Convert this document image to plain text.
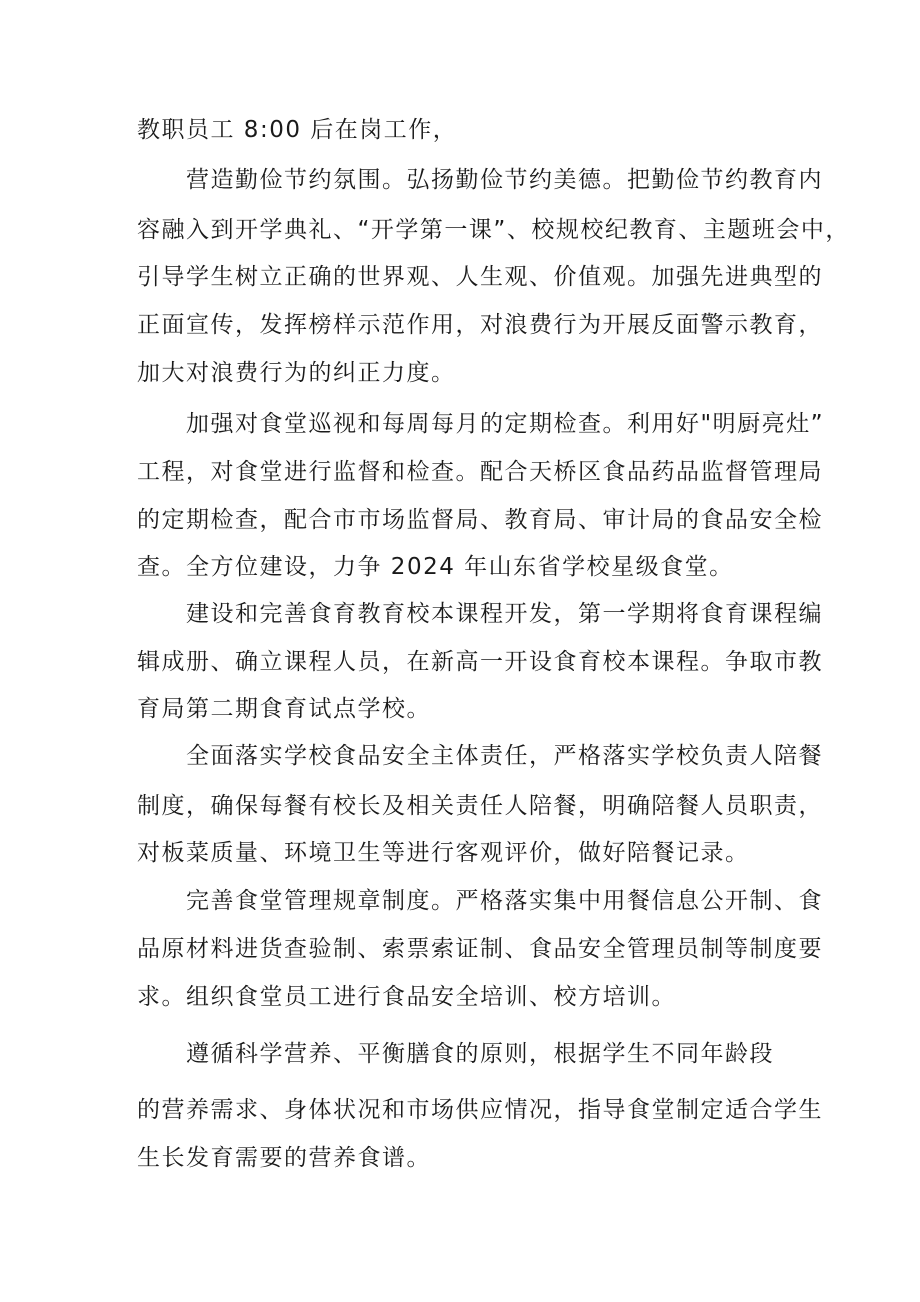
教职员工 8:00 后在岗工作，
营造勤俭节约氛围。弘扬勤俭节约美德。把勤俭节约教育内
容融入到开学典礼、“开学第一课”、校规校纪教育、主题班会中，
引导学生树立正确的世界观、人生观、价值观。加强先进典型的
正面宣传，发挥榜样示范作用，对浪费行为开展反面警示教育，
加大对浪费行为的纠正力度。
加强对食堂巡视和每周每月的定期检查。利用好"明厨亮灶”
工程，对食堂进行监督和检查。配合天桥区食品药品监督管理局
的定期检查，配合市市场监督局、教育局、审计局的食品安全检
查。全方位建设，力争 2024 年山东省学校星级食堂。
建设和完善食育教育校本课程开发，第一学期将食育课程编
辑成册、确立课程人员，在新高一开设食育校本课程。争取市教
育局第二期食育试点学校。
全面落实学校食品安全主体责任，严格落实学校负责人陪餐
制度，确保每餐有校长及相关责任人陪餐，明确陪餐人员职责，
对板菜质量、环境卫生等进行客观评价，做好陪餐记录。
完善食堂管理规章制度。严格落实集中用餐信息公开制、食
品原材料进货查验制、索票索证制、食品安全管理员制等制度要
求。组织食堂员工进行食品安全培训、校方培训。
遵循科学营养、平衡膳食的原则，根据学生不同年龄段
的营养需求、身体状况和市场供应情况，指导食堂制定适合学生
生长发育需要的营养食谱。
